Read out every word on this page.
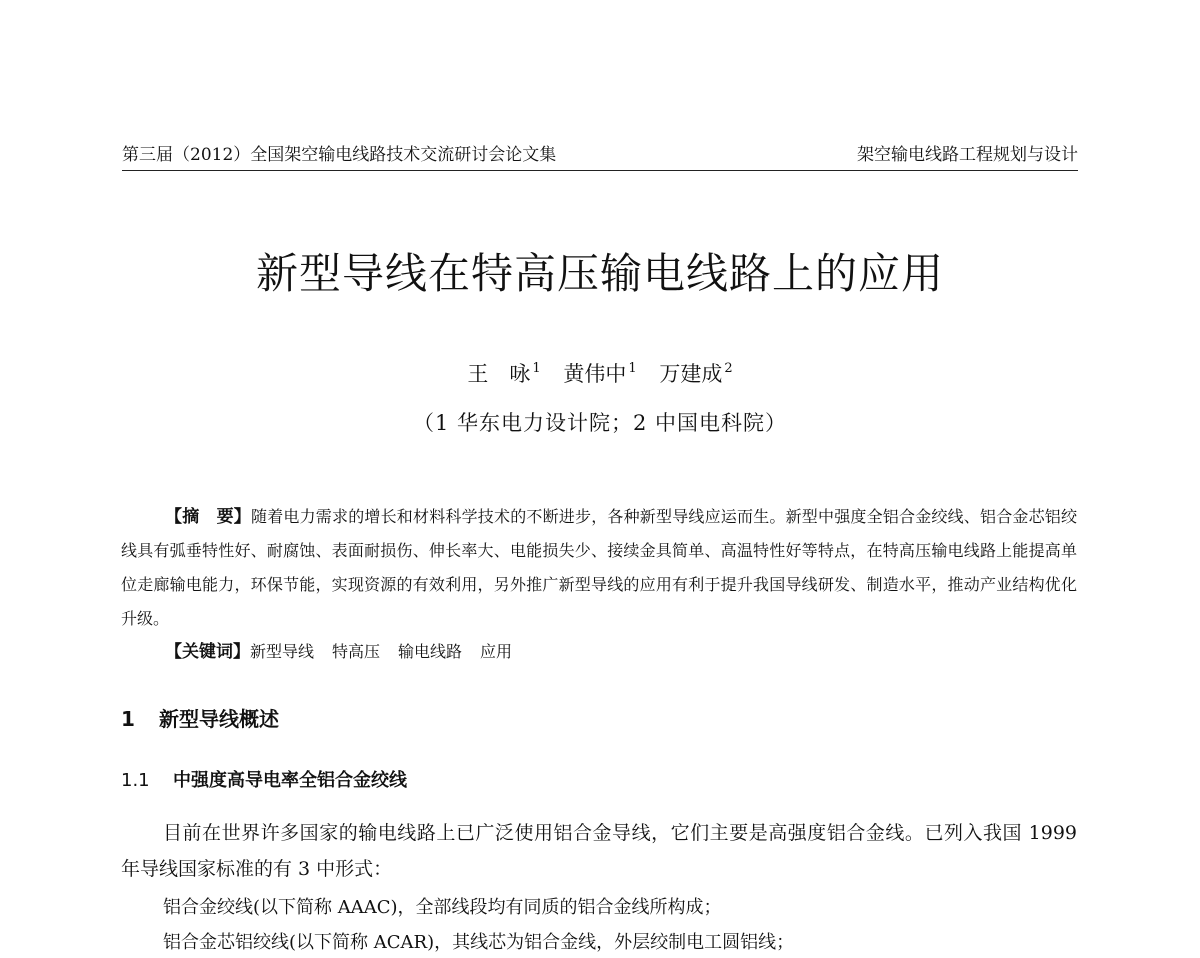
第三届（2012）全国架空输电线路技术交流研讨会论文集	架空输电线路工程规划与设计
新型导线在特高压输电线路上的应用
王　咏 $^1$ 黄伟中 $^1$ 万建成 $^2$
（1 华东电力设计院；2 中国电科院）
【摘　要】随着电力需求的增长和材料科学技术的不断进步，各种新型导线应运而生。新型中强度全铝合金绞线、铝合金芯铝绞线具有弧垂特性好、耐腐蚀、表面耐损伤、伸长率大、电能损失少、接续金具简单、高温特性好等特点，在特高压输电线路上能提高单位走廊输电能力，环保节能，实现资源的有效利用，另外推广新型导线的应用有利于提升我国导线研发、制造水平，推动产业结构优化升级。
【关键词】新型导线 特高压 输电线路 应用
1 新型导线概述
1.1 中强度高导电率全铝合金绞线
目前在世界许多国家的输电线路上已广泛使用铝合金导线，它们主要是高强度铝合金线。已列入我国 1999 年导线国家标准的有 3 中形式：
铝合金绞线(以下简称 AAAC)，全部线段均有同质的铝合金线所构成；
铝合金芯铝绞线(以下简称 ACAR)，其线芯为铝合金线，外层绞制电工圆铝线；
